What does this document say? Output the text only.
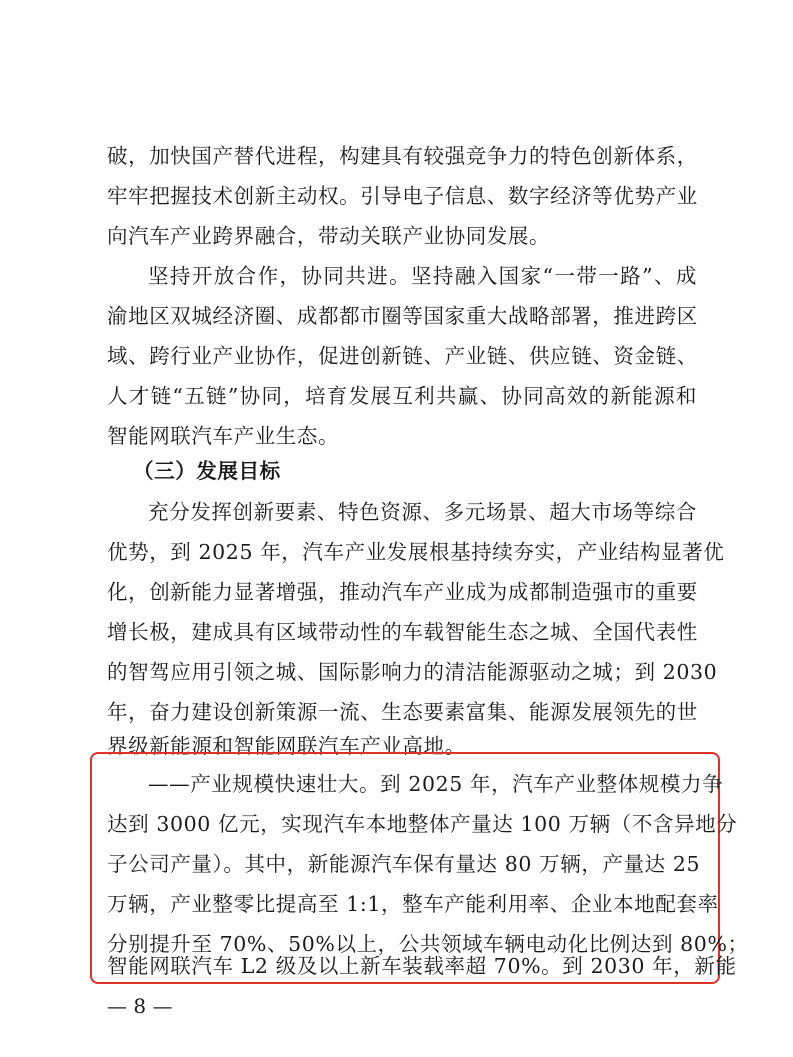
破，加快国产替代进程，构建具有较强竞争力的特色创新体系，
牢牢把握技术创新主动权。引导电子信息、数字经济等优势产业
向汽车产业跨界融合，带动关联产业协同发展。
坚持开放合作，协同共进。坚持融入国家“一带一路”、成
渝地区双城经济圈、成都都市圈等国家重大战略部署，推进跨区
域、跨行业产业协作，促进创新链、产业链、供应链、资金链、
人才链“五链”协同，培育发展互利共赢、协同高效的新能源和
智能网联汽车产业生态。
（三）发展目标
充分发挥创新要素、特色资源、多元场景、超大市场等综合
优势，到 2025 年，汽车产业发展根基持续夯实，产业结构显著优
化，创新能力显著增强，推动汽车产业成为成都制造强市的重要
增长极，建成具有区域带动性的车载智能生态之城、全国代表性
的智驾应用引领之城、国际影响力的清洁能源驱动之城；到 2030
年，奋力建设创新策源一流、生态要素富集、能源发展领先的世
界级新能源和智能网联汽车产业高地。
——产业规模快速壮大。到 2025 年，汽车产业整体规模力争
达到 3000 亿元，实现汽车本地整体产量达 100 万辆（不含异地分
子公司产量）。其中，新能源汽车保有量达 80 万辆，产量达 25
万辆，产业整零比提高至 1:1，整车产能利用率、企业本地配套率
分别提升至 70%、50%以上，公共领域车辆电动化比例达到 80%；
智能网联汽车 L2 级及以上新车装载率超 70%。到 2030 年，新能
— 8 —
